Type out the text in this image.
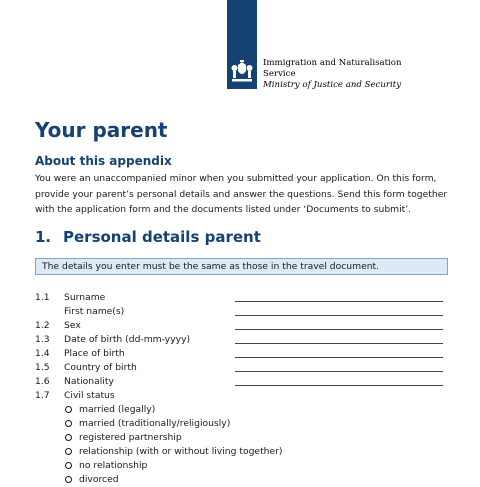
Immigration and Naturalisation
Service
Ministry of Justice and Security
Your parent
About this appendix

You were an unaccompanied minor when you submitted your application. On this form, provide your parent’s personal details and answer the questions. Send this form together with the application form and the documents listed under ‘Documents to submit’.

1. Personal details parent
The details you enter must be the same as those in the travel document.
1.1 Surname
First name(s)
1.2 Sex
1.3 Date of birth (dd-mm-yyyy)
1.4 Place of birth
1.5 Country of birth
1.6 Nationality
1.7 Civil status
married (legally)
married (traditionally/religiously)
registered partnership
relationship (with or without living together)
no relationship
divorced
